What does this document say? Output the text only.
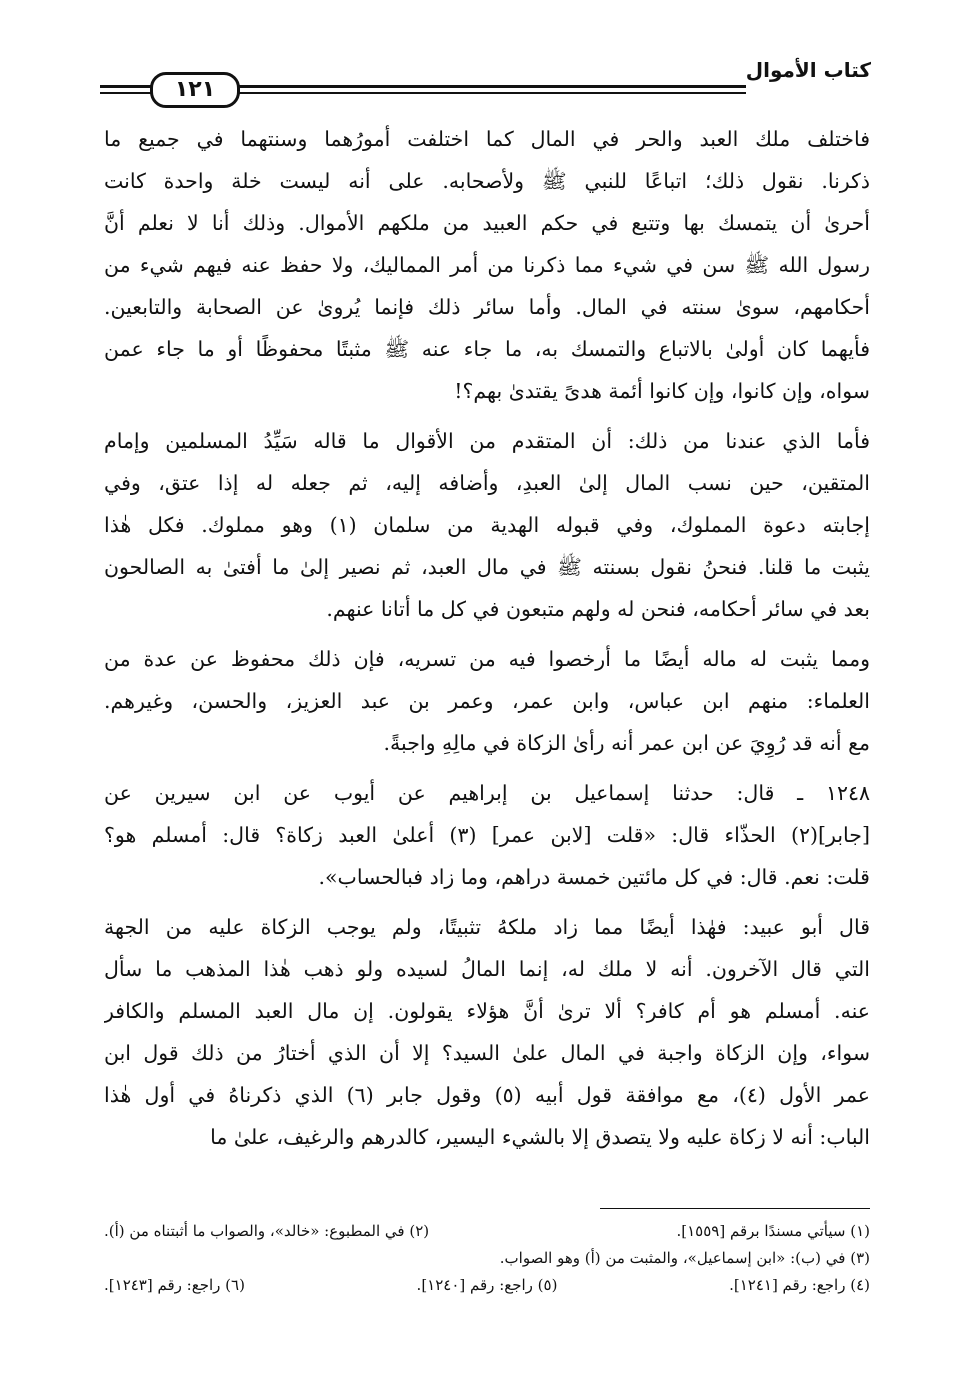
كتاب الأموال
١٢١
فاختلف ملك العبد والحر في المال كما اختلفت أمورُهما وسنتهما في جميع ما
ذكرنا. نقول ذلك؛ اتباعًا للنبي ﷺ ولأصحابه. على أنه ليست خلة واحدة كانت
أحرىٰ أن يتمسك بها وتتبع في حكم العبيد من ملكهم الأموال. وذلك أنا لا نعلم أنَّ
رسول الله ﷺ سن في شيء مما ذكرنا من أمر المماليك، ولا حفظ عنه فيهم شيء من
أحكامهم، سوىٰ سنته في المال. وأما سائر ذلك فإنما يُروىٰ عن الصحابة والتابعين.
فأيهما كان أولىٰ بالاتباع والتمسك به، ما جاء عنه ﷺ مثبتًا محفوظًا أو ما جاء عمن
سواه، وإن كانوا، وإن كانوا أئمة هدىً يقتدىٰ بهم؟!
فأما الذي عندنا من ذلك: أن المتقدم من الأقوال ما قاله سَيِّدُ المسلمين وإمام
المتقين، حين نسب المال إلىٰ العبدِ، وأضافه إليه، ثم جعله له إذا عتق، وفي
إجابته دعوة المملوك، وفي قبوله الهدية من سلمان (١) وهو مملوك. فكل هٰذا
يثبت ما قلنا. فنحنُ نقول بسنته ﷺ في مال العبد، ثم نصير إلىٰ ما أفتىٰ به الصالحون
بعد في سائر أحكامه، فنحن له ولهم متبعون في كل ما أتانا عنهم.
ومما يثبت له ماله أيضًا ما أرخصوا فيه من تسريه، فإن ذلك محفوظ عن عدة من
العلماء: منهم ابن عباس، وابن عمر، وعمر بن عبد العزيز، والحسن، وغيرهم.
مع أنه قد رُوِيَ عن ابن عمر أنه رأىٰ الزكاة في مالِهِ واجبةً.
١٢٤٨ ـ قال: حدثنا إسماعيل بن إبراهيم عن أيوب عن ابن سيرين عن
[جابر](٢) الحذّاء قال: «قلت [لابن عمر] (٣) أعلىٰ العبد زكاة؟ قال: أمسلم هو؟
قلت: نعم. قال: في كل مائتين خمسة دراهم، وما زاد فبالحساب».
قال أبو عبيد: فهٰذا أيضًا مما زاد ملكهُ تثبيتًا، ولم يوجب الزكاة عليه من الجهة
التي قال الآخرون. أنه لا ملك له، إنما المالُ لسيده ولو ذهب هٰذا المذهب ما سأل
عنه. أمسلم هو أم كافر؟ ألا ترىٰ أنَّ هؤلاء يقولون. إن مال العبد المسلم والكافر
سواء، وإن الزكاة واجبة في المال علىٰ السيد؟ إلا أن الذي أختارُ من ذلك قول ابن
عمر الأول (٤)، مع موافقة قول أبيه (٥) وقول جابر (٦) الذي ذكرناهُ في أول هٰذا
الباب: أنه لا زكاة عليه ولا يتصدق إلا بالشيء اليسير، كالدرهم والرغيف، علىٰ ما
(١) سيأتي مسندًا برقم [١٥٥٩].
(٢) في المطبوع: «خالد»، والصواب ما أثبتناه من (أ).
(٣) في (ب): «ابن إسماعيل»، والمثبت من (أ) وهو الصواب.
(٤) راجع: رقم [١٢٤١].
(٥) راجع: رقم [١٢٤٠].
(٦) راجع: رقم [١٢٤٣].
